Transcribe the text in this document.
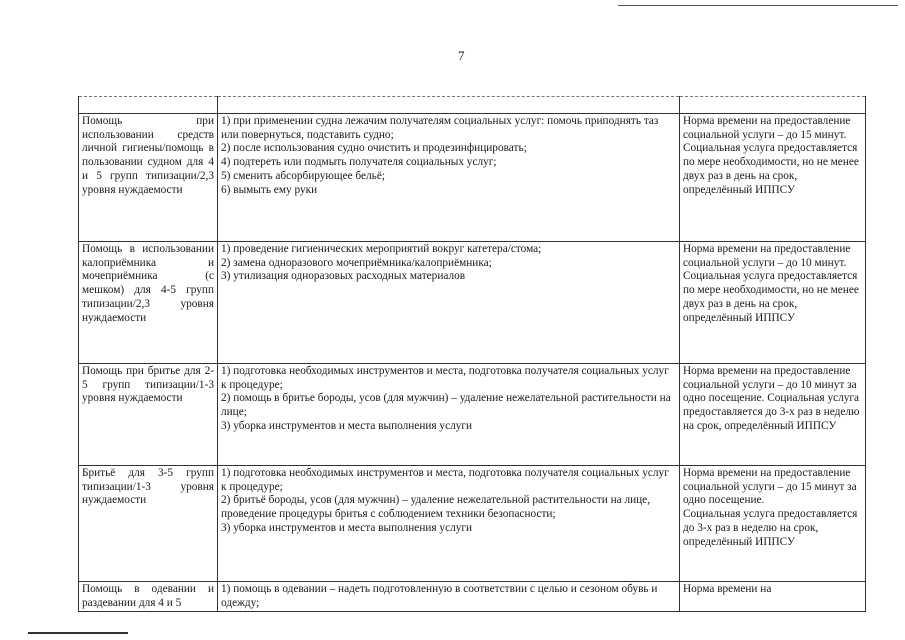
7

Помощь при использовании средств личной гигиены/помощь в пользовании судном для 4 и 5 групп типизации/2,3 уровня нуждаемости	1) при применении судна лежачим получателям социальных услуг: помочь приподнять таз или повернуться, подставить судно;
2) после использования судно очистить и продезинфицировать;
4) подтереть или подмыть получателя социальных услуг;
5) сменить абсорбирующее бельё;
6) вымыть ему руки	Норма времени на предоставление социальной услуги – до 15 минут.
Социальная услуга предоставляется по мере необходимости, но не менее двух раз в день на срок, определённый ИППСУ

Помощь в использовании калоприёмника и мочеприёмника (с мешком) для 4-5 групп типизации/2,3 уровня нуждаемости	1) проведение гигиенических мероприятий вокруг катетера/стома;
2) замена одноразового мочеприёмника/калоприёмника;
3) утилизация одноразовых расходных материалов	Норма времени на предоставление социальной услуги – до 10 минут.
Социальная услуга предоставляется по мере необходимости, но не менее двух раз в день на срок, определённый ИППСУ

Помощь при бритье для 2-5 групп типизации/1-3 уровня нуждаемости	1) подготовка необходимых инструментов и места, подготовка получателя социальных услуг к процедуре;
2) помощь в бритье бороды, усов (для мужчин) – удаление нежелательной растительности на лице;
3) уборка инструментов и места выполнения услуги	Норма времени на предоставление социальной услуги – до 10 минут за одно посещение. Социальная услуга предоставляется до 3-х раз в неделю на срок, определённый ИППСУ

Бритьё для 3-5 групп типизации/1-3 уровня нуждаемости	1) подготовка необходимых инструментов и места, подготовка получателя социальных услуг к процедуре;
2) бритьё бороды, усов (для мужчин) – удаление нежелательной растительности на лице, проведение процедуры бритья с соблюдением техники безопасности;
3) уборка инструментов и места выполнения услуги	Норма времени на предоставление социальной услуги – до 15 минут за одно посещение.
Социальная услуга предоставляется до 3-х раз в неделю на срок, определённый ИППСУ

Помощь в одевании и раздевании для 4 и 5	1) помощь в одевании – надеть подготовленную в соответствии с целью и сезоном обувь и одежду;	Норма времени на
